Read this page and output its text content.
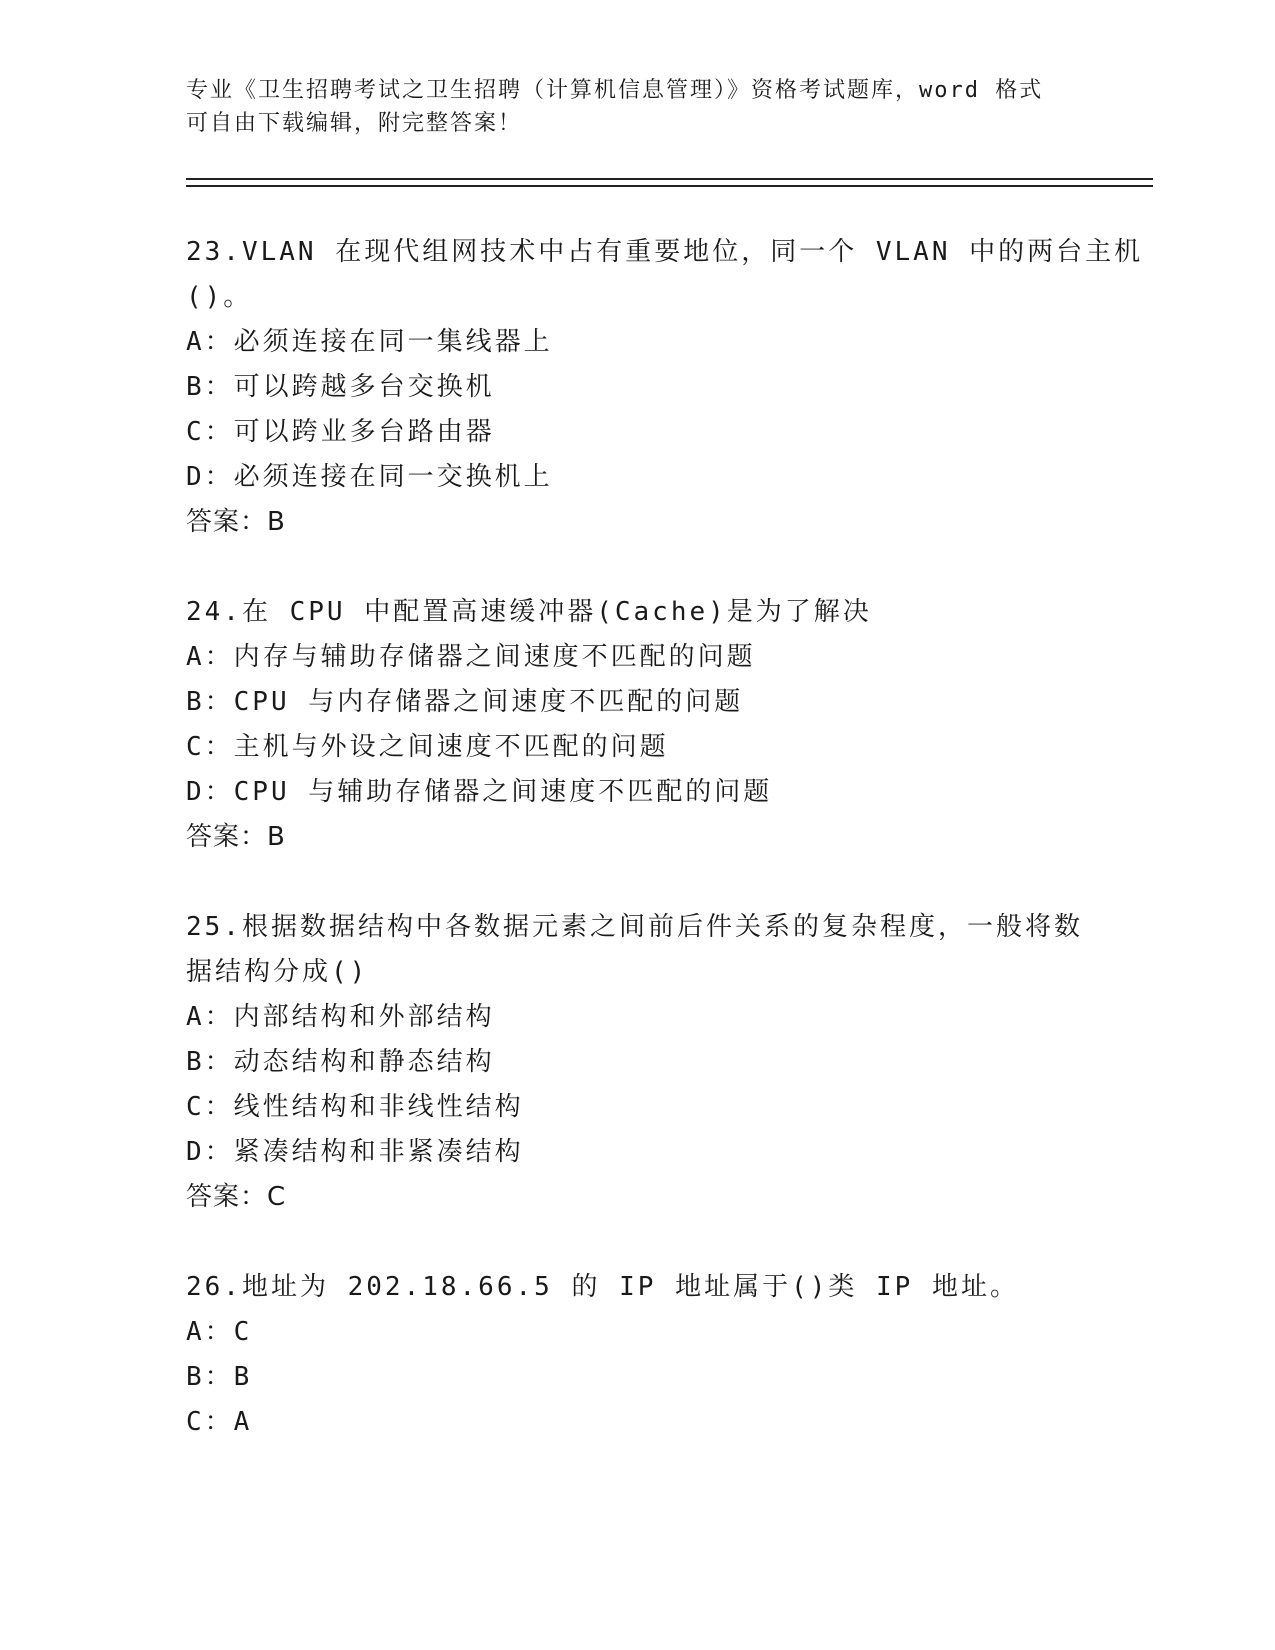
专业《卫生招聘考试之卫生招聘（计算机信息管理）》资格考试题库，word 格式
可自由下载编辑，附完整答案！
23.VLAN 在现代组网技术中占有重要地位，同一个 VLAN 中的两台主机
()。
A：必须连接在同一集线器上
B：可以跨越多台交换机
C：可以跨业多台路由器
D：必须连接在同一交换机上
答案：B
24.在 CPU 中配置高速缓冲器(Cache)是为了解决
A：内存与辅助存储器之间速度不匹配的问题
B：CPU 与内存储器之间速度不匹配的问题
C：主机与外设之间速度不匹配的问题
D：CPU 与辅助存储器之间速度不匹配的问题
答案：B
25.根据数据结构中各数据元素之间前后件关系的复杂程度，一般将数
据结构分成()
A：内部结构和外部结构
B：动态结构和静态结构
C：线性结构和非线性结构
D：紧凑结构和非紧凑结构
答案：C
26.地址为 202.18.66.5 的 IP 地址属于()类 IP 地址。
A：C
B：B
C：A
